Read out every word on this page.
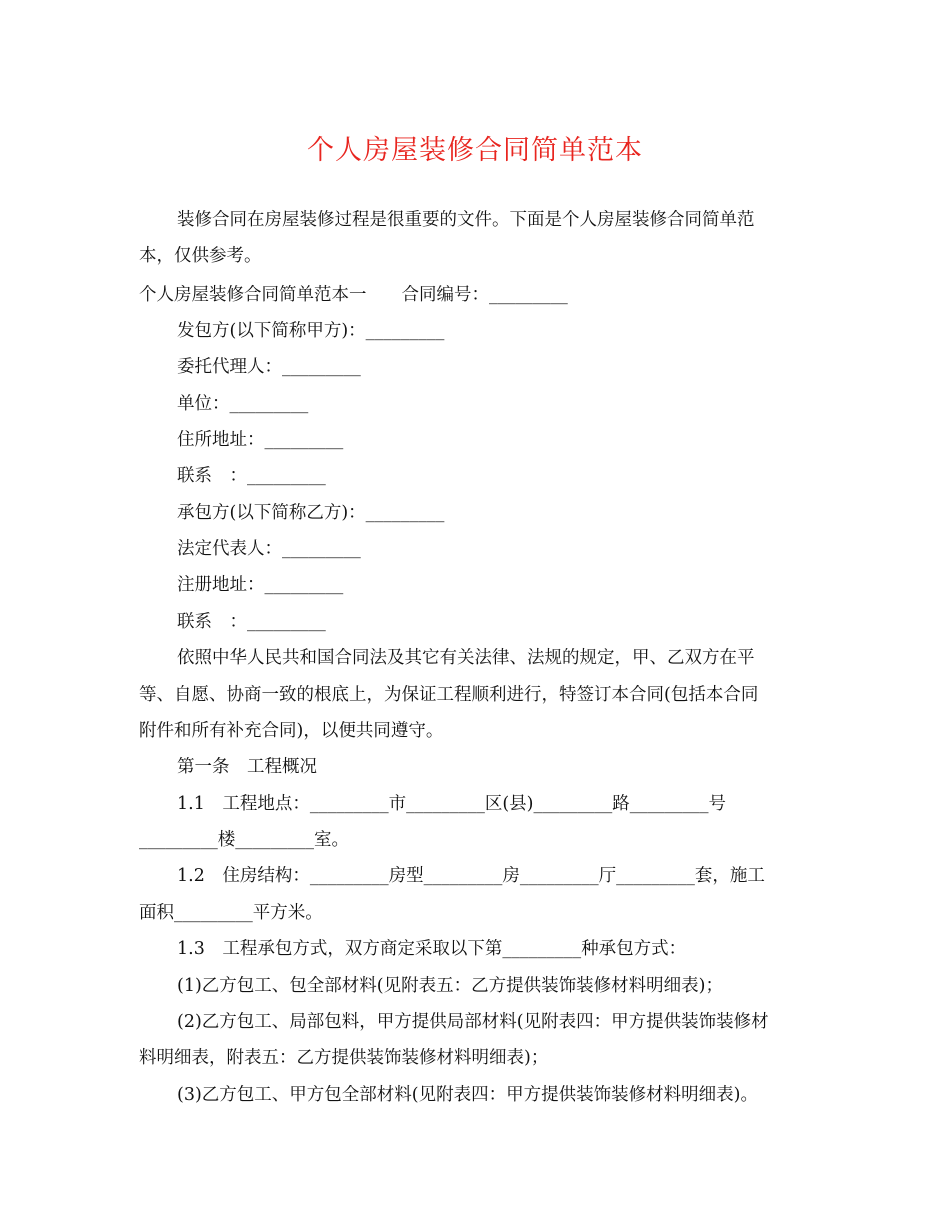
个人房屋装修合同简单范本
装修合同在房屋装修过程是很重要的文件。下面是个人房屋装修合同简单范
本，仅供参考。
个人房屋装修合同简单范本一　　合同编号：_________
发包方(以下简称甲方)：_________
委托代理人：_________
单位：_________
住所地址：_________
联系　：_________
承包方(以下简称乙方)：_________
法定代表人：_________
注册地址：_________
联系　：_________
依照中华人民共和国合同法及其它有关法律、法规的规定，甲、乙双方在平
等、自愿、协商一致的根底上，为保证工程顺利进行，特签订本合同(包括本合同
附件和所有补充合同)，以便共同遵守。
第一条　工程概况
1.1　工程地点：_________市_________区(县)_________路_________号
_________楼_________室。
1.2　住房结构：_________房型_________房_________厅_________套，施工
面积_________平方米。
1.3　工程承包方式，双方商定采取以下第_________种承包方式：
(1)乙方包工、包全部材料(见附表五：乙方提供装饰装修材料明细表)；
(2)乙方包工、局部包料，甲方提供局部材料(见附表四：甲方提供装饰装修材
料明细表，附表五：乙方提供装饰装修材料明细表)；
(3)乙方包工、甲方包全部材料(见附表四：甲方提供装饰装修材料明细表)。
